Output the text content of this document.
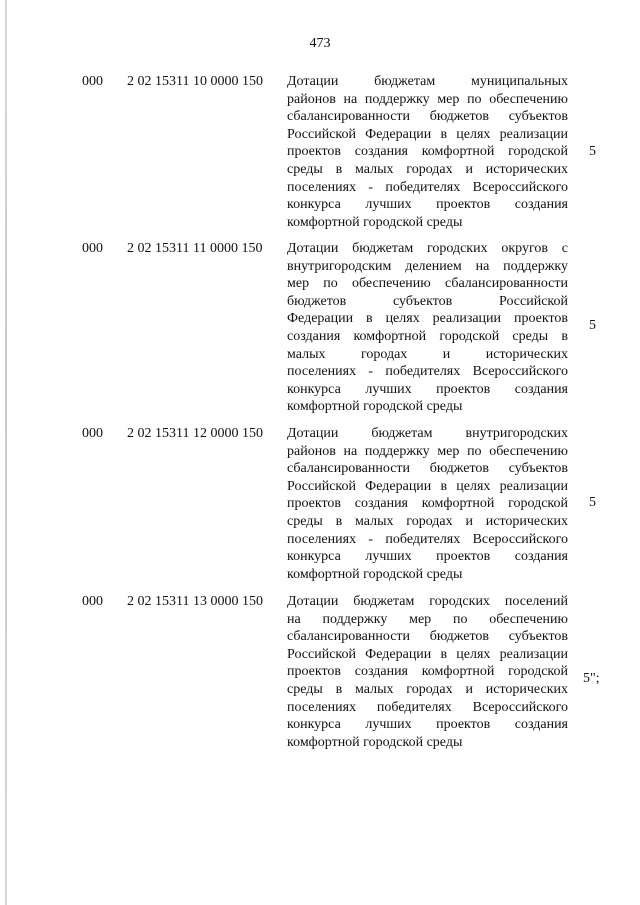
473
000 2 02 15311 10 0000 150 Дотации бюджетам муниципальных
районов на поддержку мер по обеспечению
сбалансированности бюджетов субъектов
Российской Федерации в целях реализации
проектов создания комфортной городской
среды в малых городах и исторических
поселениях - победителях Всероссийского
конкурса лучших проектов создания
комфортной городской среды
5
000 2 02 15311 11 0000 150 Дотации бюджетам городских округов с
внутригородским делением на поддержку
мер по обеспечению сбалансированности
бюджетов субъектов Российской
Федерации в целях реализации проектов
создания комфортной городской среды в
малых городах и исторических
поселениях - победителях Всероссийского
конкурса лучших проектов создания
комфортной городской среды
5
000 2 02 15311 12 0000 150 Дотации бюджетам внутригородских
районов на поддержку мер по обеспечению
сбалансированности бюджетов субъектов
Российской Федерации в целях реализации
проектов создания комфортной городской
среды в малых городах и исторических
поселениях - победителях Всероссийского
конкурса лучших проектов создания
комфортной городской среды
5
000 2 02 15311 13 0000 150 Дотации бюджетам городских поселений
на поддержку мер по обеспечению
сбалансированности бюджетов субъектов
Российской Федерации в целях реализации
проектов создания комфортной городской
среды в малых городах и исторических
поселениях победителях Всероссийского
конкурса лучших проектов создания
комфортной городской среды
5";
